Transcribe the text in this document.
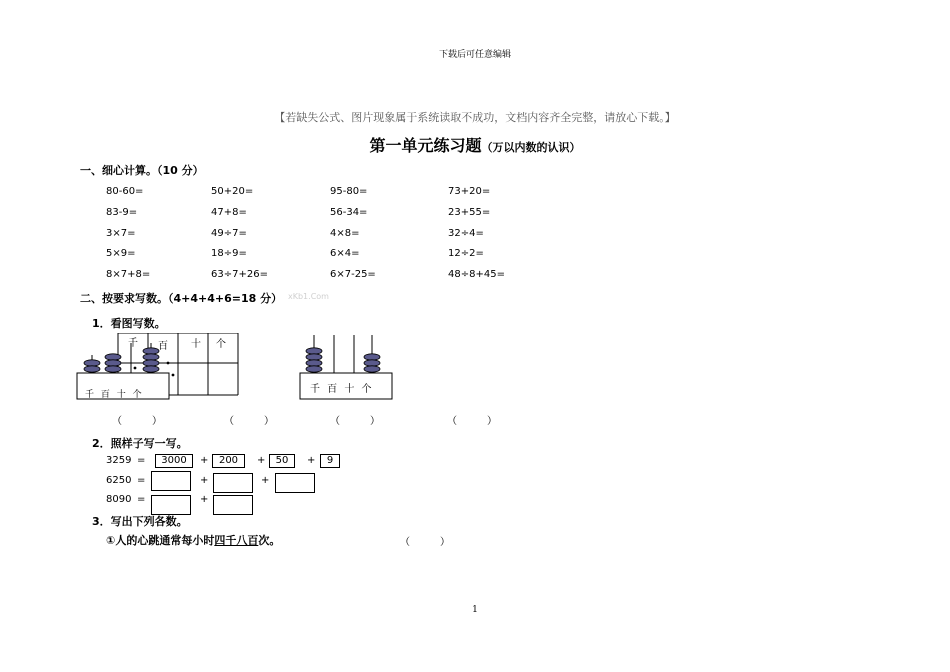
下载后可任意编辑
【若缺失公式、图片现象属于系统读取不成功，文档内容齐全完整，请放心下载。】
第一单元练习题（万以内数的认识）
一、细心计算。（10 分）
80-60=	50+20=	95-80=	73+20=
83-9=	47+8=	56-34=	23+55=
3×7=	49÷7=	4×8=	32÷4=
5×9=	18÷9=	6×4=	12÷2=
8×7+8=	63÷7+26=	6×7-25=	48÷8+45=
二、按要求写数。（4+4+4+6=18 分） xKb1.Com
1．看图写数。
千 百 十 个
千 百 十 个	千 百 十 个
（　　　）	（　　　）	（　　　）	（　　　）
2．照样子写一写。
3259 =	3000	+	200	+	50	+	9
6250 =	+	+
8090 =	+
3．写出下列各数。
①人的心跳通常每小时四千八百次。	（　　　）
1
